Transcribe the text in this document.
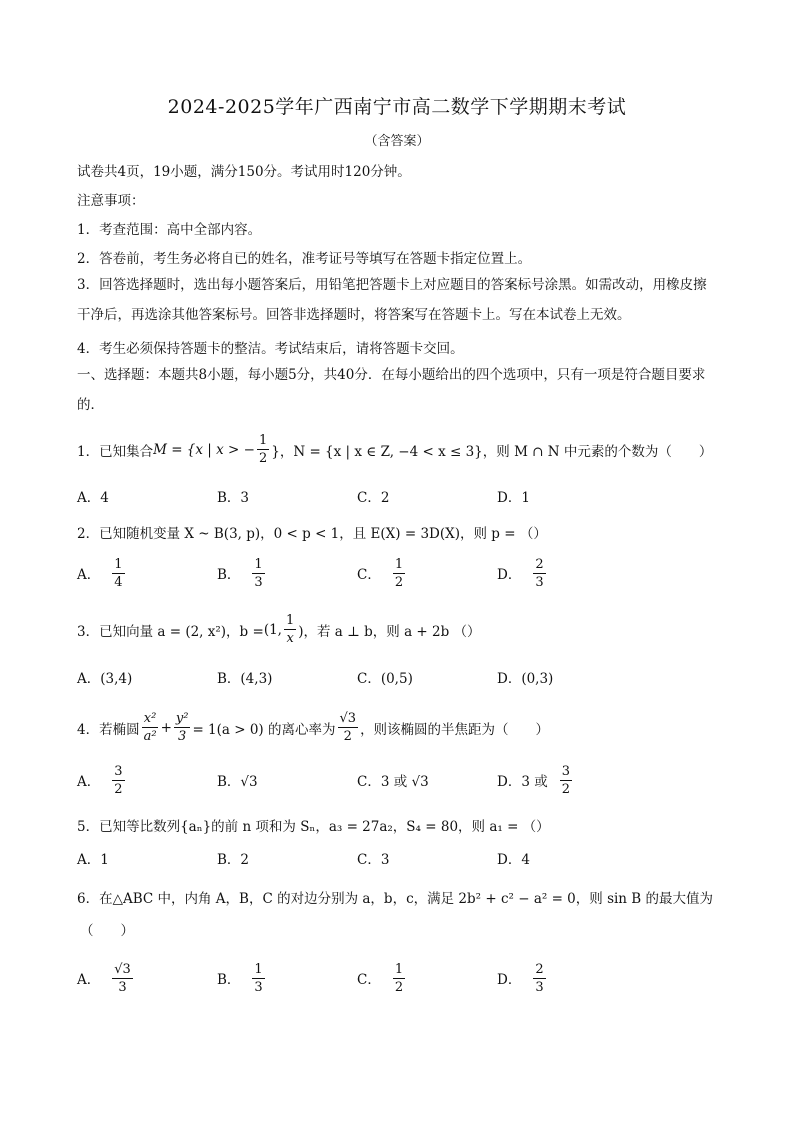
2024-2025学年广西南宁市高二数学下学期期末考试
（含答案）
试卷共4页，19小题，满分150分。考试用时120分钟。
注意事项：
1．考查范围：高中全部内容。
2．答卷前，考生务必将自已的姓名，准考证号等填写在答题卡指定位置上。
3．回答选择题时，选出每小题答案后，用铅笔把答题卡上对应题目的答案标号涂黑。如需改动，用橡皮擦干净后，再选涂其他答案标号。回答非选择题时，将答案写在答题卡上。写在本试卷上无效。
4．考生必须保持答题卡的整洁。考试结束后，请将答题卡交回。
一、选择题：本题共8小题，每小题5分，共40分．在每小题给出的四个选项中，只有一项是符合题目要求的．
1．已知集合 M = {x | x > − $\frac{1}{2}$ }，N = {x | x ∈ Z, −4 < x ≤ 3}，则 M ∩ N 中元素的个数为（　　）
A．4	B．3	C．2	D．1
2．已知随机变量 X ~ B(3, p)，0 < p < 1，且 E(X) = 3D(X)，则 p = （）
A． $\frac{1}{4}$	B． $\frac{1}{3}$	C． $\frac{1}{2}$	D． $\frac{2}{3}$
3．已知向量 a = (2, x²)，b = (1, $\frac{1}{x}$ )，若 a ⊥ b，则 a + 2b （）
A．(3,4)	B．(4,3)	C．(0,5)	D．(0,3)
4．若椭圆 $\frac{\text{x²}}{\text{a²}} + \frac{\text{y²}}{3} = 1(a > 0)$ 的离心率为 $\frac{√3}{2}$ ，则该椭圆的半焦距为（　　）
A． $\frac{3}{2}$	B．√3	C．3 或 √3	D．3 或 $\frac{3}{2}$
5．已知等比数列{aₙ}的前 n 项和为 Sₙ，a₃ = 27a₂，S₄ = 80，则 a₁ = （）
A．1	B．2	C．3	D．4
6．在△ABC 中，内角 A，B，C 的对边分别为 a，b，c，满足 2b² + c² − a² = 0，则 sin B 的最大值为
（　　）
A． $\frac{√3}{3}$	B． $\frac{1}{3}$	C． $\frac{1}{2}$	D． $\frac{2}{3}$
